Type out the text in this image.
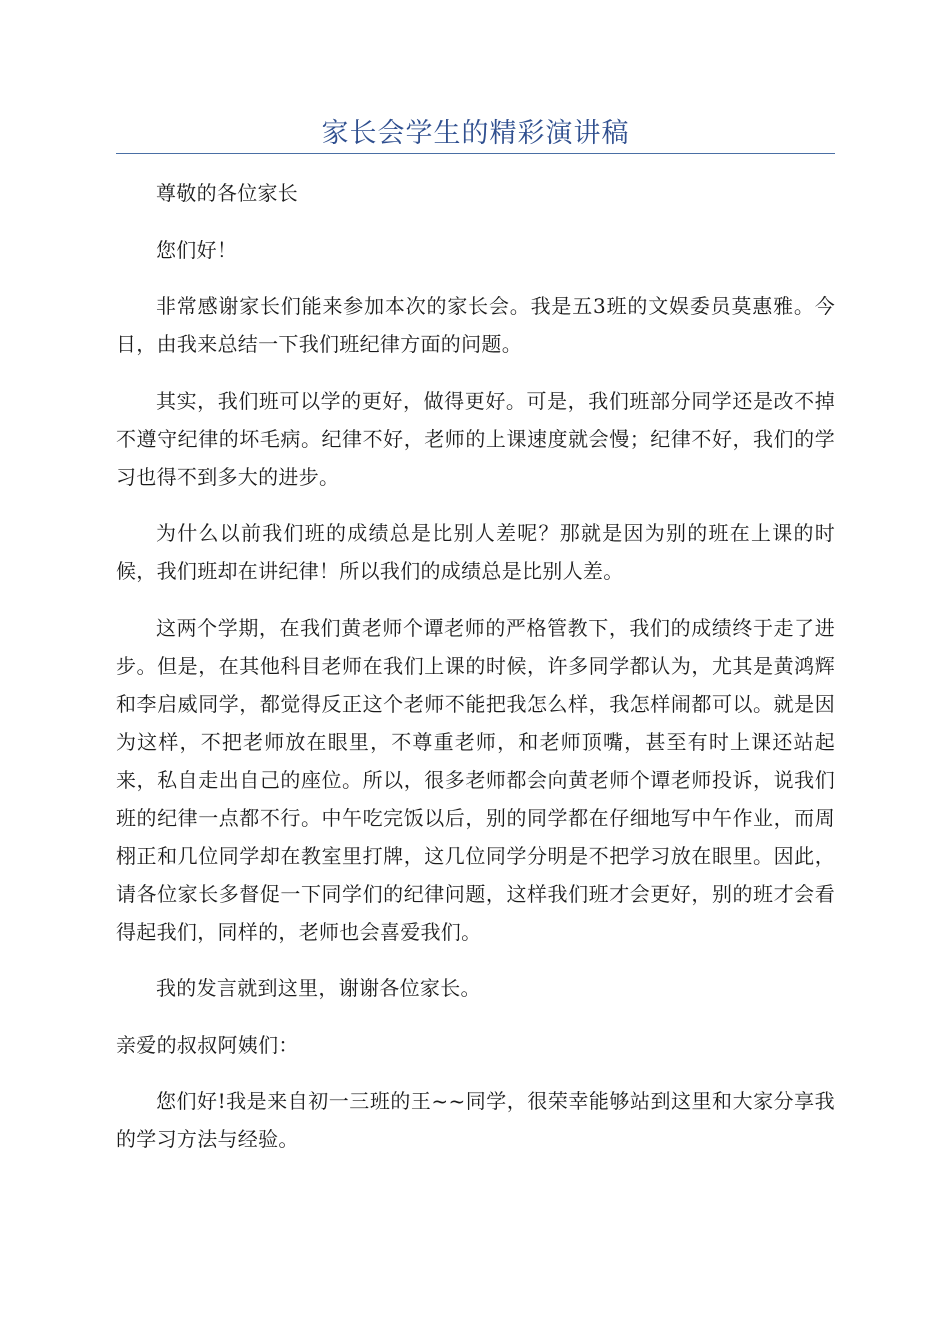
家长会学生的精彩演讲稿

尊敬的各位家长

您们好！

非常感谢家长们能来参加本次的家长会。我是五3班的文娱委员莫惠雅。今日，由我来总结一下我们班纪律方面的问题。

其实，我们班可以学的更好，做得更好。可是，我们班部分同学还是改不掉不遵守纪律的坏毛病。纪律不好，老师的上课速度就会慢；纪律不好，我们的学习也得不到多大的进步。

为什么以前我们班的成绩总是比别人差呢？那就是因为别的班在上课的时候，我们班却在讲纪律！所以我们的成绩总是比别人差。

这两个学期，在我们黄老师个谭老师的严格管教下，我们的成绩终于走了进步。但是，在其他科目老师在我们上课的时候，许多同学都认为，尤其是黄鸿辉和李启威同学，都觉得反正这个老师不能把我怎么样，我怎样闹都可以。就是因为这样，不把老师放在眼里，不尊重老师，和老师顶嘴，甚至有时上课还站起来，私自走出自己的座位。所以，很多老师都会向黄老师个谭老师投诉，说我们班的纪律一点都不行。中午吃完饭以后，别的同学都在仔细地写中午作业，而周栩正和几位同学却在教室里打牌，这几位同学分明是不把学习放在眼里。因此，请各位家长多督促一下同学们的纪律问题，这样我们班才会更好，别的班才会看得起我们，同样的，老师也会喜爱我们。

我的发言就到这里，谢谢各位家长。

亲爱的叔叔阿姨们：

您们好!我是来自初一三班的王~~同学，很荣幸能够站到这里和大家分享我的学习方法与经验。
